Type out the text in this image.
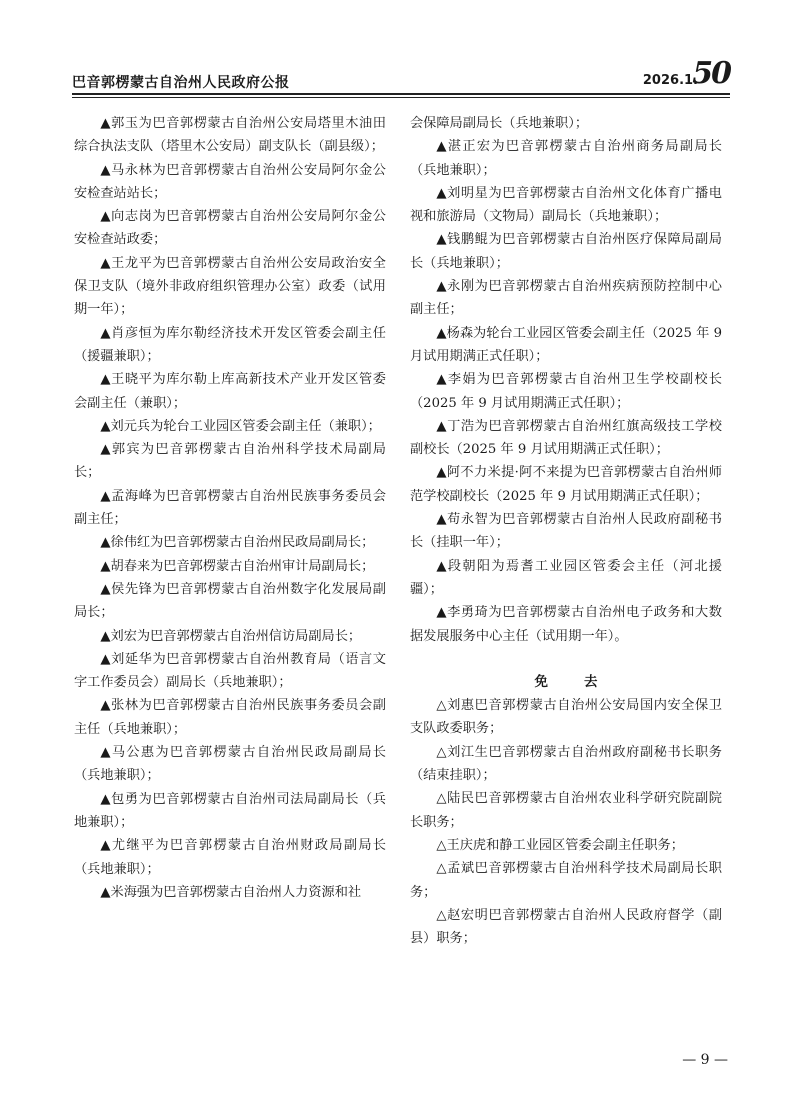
巴音郭楞蒙古自治州人民政府公报	2026.1.
50

▲郭玉为巴音郭楞蒙古自治州公安局塔里木油田综合执法支队（塔里木公安局）副支队长（副县级）；

▲马永林为巴音郭楞蒙古自治州公安局阿尔金公安检查站站长；

▲向志岗为巴音郭楞蒙古自治州公安局阿尔金公安检查站政委；

▲王龙平为巴音郭楞蒙古自治州公安局政治安全保卫支队（境外非政府组织管理办公室）政委（试用期一年）；

▲肖彦恒为库尔勒经济技术开发区管委会副主任（援疆兼职）；

▲王晓平为库尔勒上库高新技术产业开发区管委会副主任（兼职）；

▲刘元兵为轮台工业园区管委会副主任（兼职）；

▲郭宾为巴音郭楞蒙古自治州科学技术局副局长；

▲孟海峰为巴音郭楞蒙古自治州民族事务委员会副主任；

▲徐伟红为巴音郭楞蒙古自治州民政局副局长；

▲胡春来为巴音郭楞蒙古自治州审计局副局长；

▲侯先锋为巴音郭楞蒙古自治州数字化发展局副局长；

▲刘宏为巴音郭楞蒙古自治州信访局副局长；

▲刘延华为巴音郭楞蒙古自治州教育局（语言文字工作委员会）副局长（兵地兼职）；

▲张林为巴音郭楞蒙古自治州民族事务委员会副主任（兵地兼职）；

▲马公惠为巴音郭楞蒙古自治州民政局副局长（兵地兼职）；

▲包勇为巴音郭楞蒙古自治州司法局副局长（兵地兼职）；

▲尤继平为巴音郭楞蒙古自治州财政局副局长（兵地兼职）；

▲米海强为巴音郭楞蒙古自治州人力资源和社

会保障局副局长（兵地兼职）；

▲湛正宏为巴音郭楞蒙古自治州商务局副局长（兵地兼职）；

▲刘明星为巴音郭楞蒙古自治州文化体育广播电视和旅游局（文物局）副局长（兵地兼职）；

▲钱鹏鲲为巴音郭楞蒙古自治州医疗保障局副局长（兵地兼职）；

▲永刚为巴音郭楞蒙古自治州疾病预防控制中心副主任；

▲杨森为轮台工业园区管委会副主任（2025 年 9 月试用期满正式任职）；

▲李娟为巴音郭楞蒙古自治州卫生学校副校长（2025 年 9 月试用期满正式任职）；

▲丁浩为巴音郭楞蒙古自治州红旗高级技工学校副校长（2025 年 9 月试用期满正式任职）；

▲阿不力米提·阿不来提为巴音郭楞蒙古自治州师范学校副校长（2025 年 9 月试用期满正式任职）；

▲苟永智为巴音郭楞蒙古自治州人民政府副秘书长（挂职一年）；

▲段朝阳为焉耆工业园区管委会主任（河北援疆）；

▲李勇琦为巴音郭楞蒙古自治州电子政务和大数据发展服务中心主任（试用期一年）。

免	去

△刘惠巴音郭楞蒙古自治州公安局国内安全保卫支队政委职务；

△刘江生巴音郭楞蒙古自治州政府副秘书长职务（结束挂职）；

△陆民巴音郭楞蒙古自治州农业科学研究院副院长职务；

△王庆虎和静工业园区管委会副主任职务；

△孟斌巴音郭楞蒙古自治州科学技术局副局长职务；

△赵宏明巴音郭楞蒙古自治州人民政府督学（副县）职务；

— 9 —
